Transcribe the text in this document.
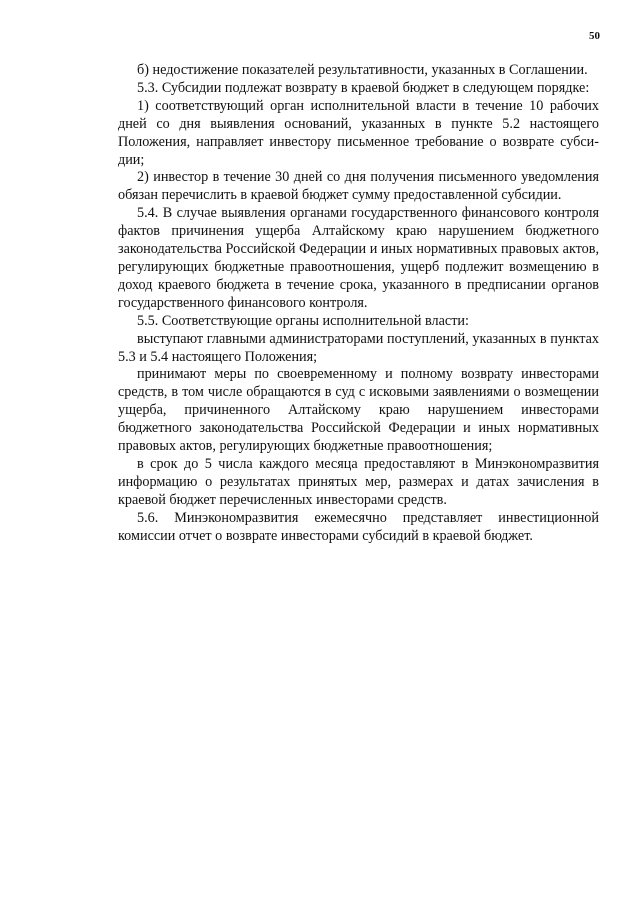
50

б) недостижение показателей результативности, указанных в Соглашении.

5.3. Субсидии подлежат возврату в краевой бюджет в следующем порядке:

1) соответствующий орган исполнительной власти в течение 10 рабочих дней со дня выявления оснований, указанных в пункте 5.2 настоящего Положения, направляет инвестору письменное требование о возврате субсидии;

2) инвестор в течение 30 дней со дня получения письменного уведомления обязан перечислить в краевой бюджет сумму предоставленной субсидии.

5.4. В случае выявления органами государственного финансового контроля фактов причинения ущерба Алтайскому краю нарушением бюджетного законодательства Российской Федерации и иных нормативных правовых актов, регулирующих бюджетные правоотношения, ущерб подлежит возмещению в доход краевого бюджета в течение срока, указанного в предписании органов государственного финансового контроля.

5.5. Соответствующие органы исполнительной власти:

выступают главными администраторами поступлений, указанных в пунктах 5.3 и 5.4 настоящего Положения;

принимают меры по своевременному и полному возврату инвесторами средств, в том числе обращаются в суд с исковыми заявлениями о возмещении ущерба, причиненного Алтайскому краю нарушением инвесторами бюджетного законодательства Российской Федерации и иных нормативных правовых актов, регулирующих бюджетные правоотношения;

в срок до 5 числа каждого месяца предоставляют в Минэкономразвития информацию о результатах принятых мер, размерах и датах зачисления в краевой бюджет перечисленных инвесторами средств.

5.6. Минэкономразвития ежемесячно представляет инвестиционной комиссии отчет о возврате инвесторами субсидий в краевой бюджет.
